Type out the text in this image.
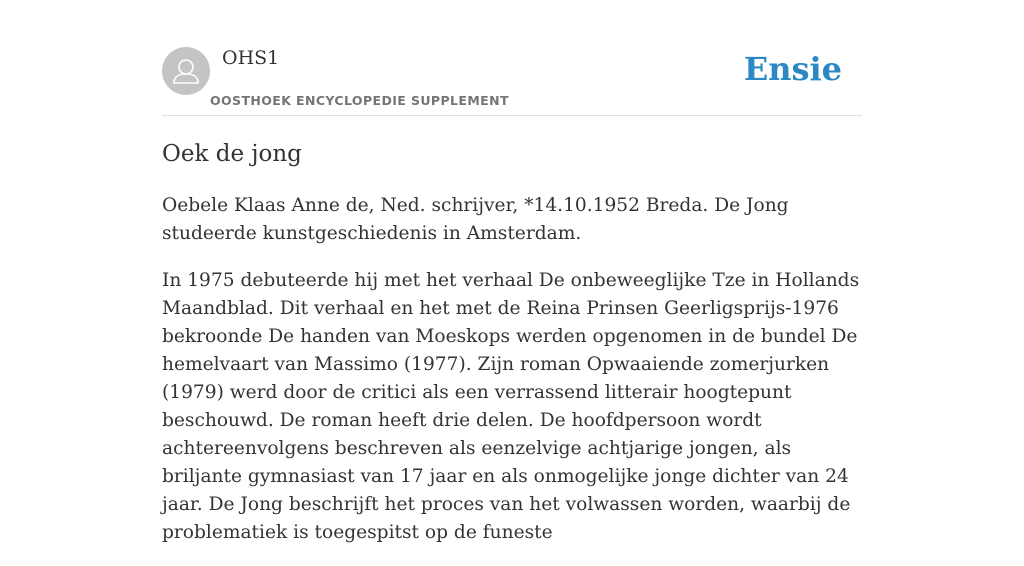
OHS1
OOSTHOEK ENCYCLOPEDIE SUPPLEMENT
Ensie
Oek de jong

Oebele Klaas Anne de, Ned. schrijver, *14.10.1952 Breda. De Jong studeerde kunstgeschiedenis in Amsterdam.

In 1975 debuteerde hij met het verhaal De onbeweeglijke Tze in Hollands Maandblad. Dit verhaal en het met de Reina Prinsen Geerligsprijs-1976 bekroonde De handen van Moeskops werden opgenomen in de bundel De hemelvaart van Massimo (1977). Zijn roman Opwaaiende zomerjurken (1979) werd door de critici als een verrassend litterair hoogtepunt beschouwd. De roman heeft drie delen. De hoofdpersoon wordt achtereenvolgens beschreven als eenzelvige achtjarige jongen, als briljante gymnasiast van 17 jaar en als onmogelijke jonge dichter van 24 jaar. De Jong beschrijft het proces van het volwassen worden, waarbij de problematiek is toegespitst op de funeste
